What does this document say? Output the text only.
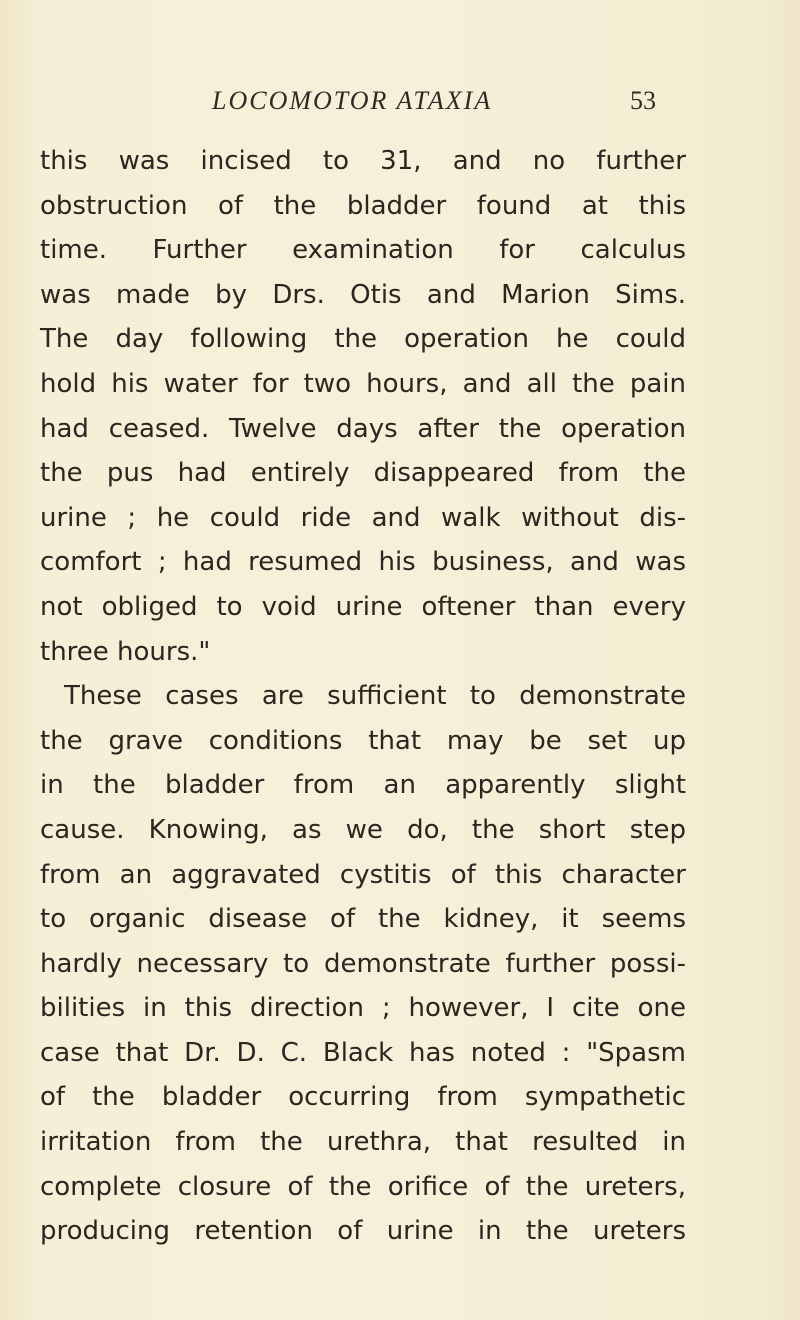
LOCOMOTOR ATAXIA	53
this was incised to 31, and no further
obstruction of the bladder found at this
time. Further examination for calculus
was made by Drs. Otis and Marion Sims.
The day following the operation he could
hold his water for two hours, and all the pain
had ceased. Twelve days after the operation
the pus had entirely disappeared from the
urine ; he could ride and walk without dis-
comfort ; had resumed his business, and was
not obliged to void urine oftener than every
three hours."
These cases are sufficient to demonstrate
the grave conditions that may be set up
in the bladder from an apparently slight
cause. Knowing, as we do, the short step
from an aggravated cystitis of this character
to organic disease of the kidney, it seems
hardly necessary to demonstrate further possi-
bilities in this direction ; however, I cite one
case that Dr. D. C. Black has noted : "Spasm
of the bladder occurring from sympathetic
irritation from the urethra, that resulted in
complete closure of the orifice of the ureters,
producing retention of urine in the ureters
